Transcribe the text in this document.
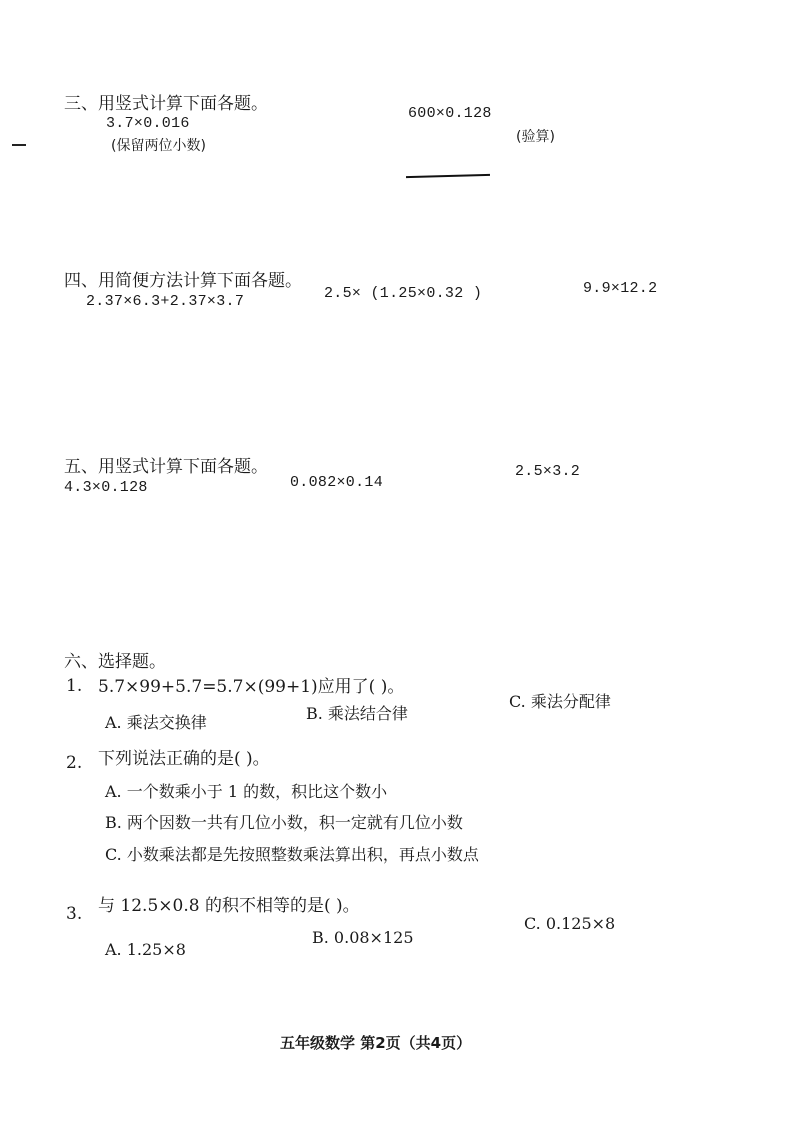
三、用竖式计算下面各题。
3.7×0.016
(保留两位小数)
600×0.128
(验算)
四、用简便方法计算下面各题。
2.37×6.3+2.37×3.7	2.5× (1.25×0.32 )	9.9×12.2
五、用竖式计算下面各题。
4.3×0.128	0.082×0.14
2.5×3.2
六、选择题。
1. 5.7×99+5.7=5.7×(99+1)应用了( )。
A. 乘法交换律	B. 乘法结合律
C. 乘法分配律
2. 下列说法正确的是( )。
A. 一个数乘小于 1 的数，积比这个数小
B. 两个因数一共有几位小数，积一定就有几位小数
C. 小数乘法都是先按照整数乘法算出积，再点小数点
3. 与 12.5×0.8 的积不相等的是( )。
A. 1.25×8
B. 0.08×125
C. 0.125×8
五年级数学 第2页（共4页）
